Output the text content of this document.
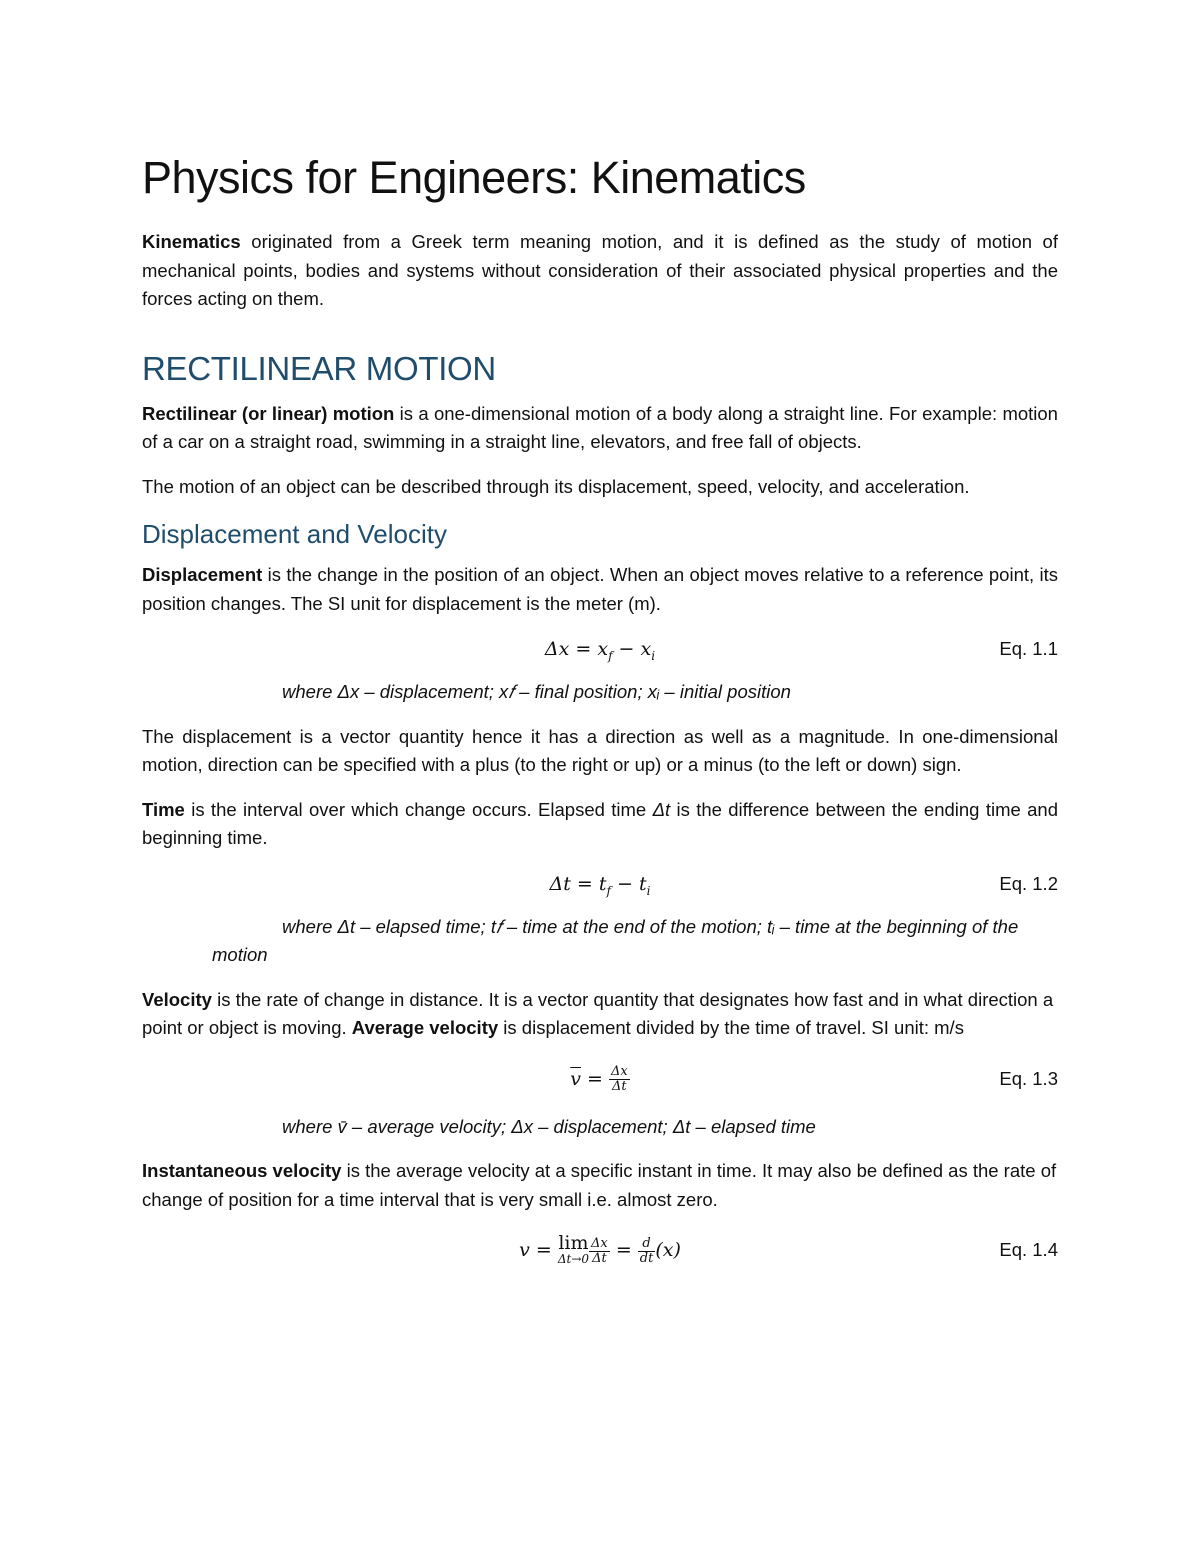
Physics for Engineers: Kinematics

Kinematics originated from a Greek term meaning motion, and it is defined as the study of motion of mechanical points, bodies and systems without consideration of their associated physical properties and the forces acting on them.

RECTILINEAR MOTION

Rectilinear (or linear) motion is a one-dimensional motion of a body along a straight line. For example: motion of a car on a straight road, swimming in a straight line, elevators, and free fall of objects.

The motion of an object can be described through its displacement, speed, velocity, and acceleration.

Displacement and Velocity

Displacement is the change in the position of an object. When an object moves relative to a reference point, its position changes. The SI unit for displacement is the meter (m).

$\Delta x = x_f - x_i$	Eq. 1.1

where Δx – displacement; x𝑓 – final position; xᵢ – initial position

The displacement is a vector quantity hence it has a direction as well as a magnitude. In one-dimensional motion, direction can be specified with a plus (to the right or up) or a minus (to the left or down) sign.

Time is the interval over which change occurs. Elapsed time Δt is the difference between the ending time and beginning time.

$\Delta t = t_f - t_i$	Eq. 1.2

where Δt – elapsed time; t𝑓 – time at the end of the motion; tᵢ – time at the beginning of the motion

Velocity is the rate of change in distance. It is a vector quantity that designates how fast and in what direction a point or object is moving. Average velocity is displacement divided by the time of travel. SI unit: m/s

$\overline{v} = \frac{\Delta x}{\Delta t}$	Eq. 1.3

where v̄ – average velocity; Δx – displacement; Δt – elapsed time

Instantaneous velocity is the average velocity at a specific instant in time. It may also be defined as the rate of change of position for a time interval that is very small i.e. almost zero.

v = lim
$\Delta t\to 0 \frac{\Delta x}{\Delta t} = \frac{d}{dt} (x)$	Eq. 1.4
